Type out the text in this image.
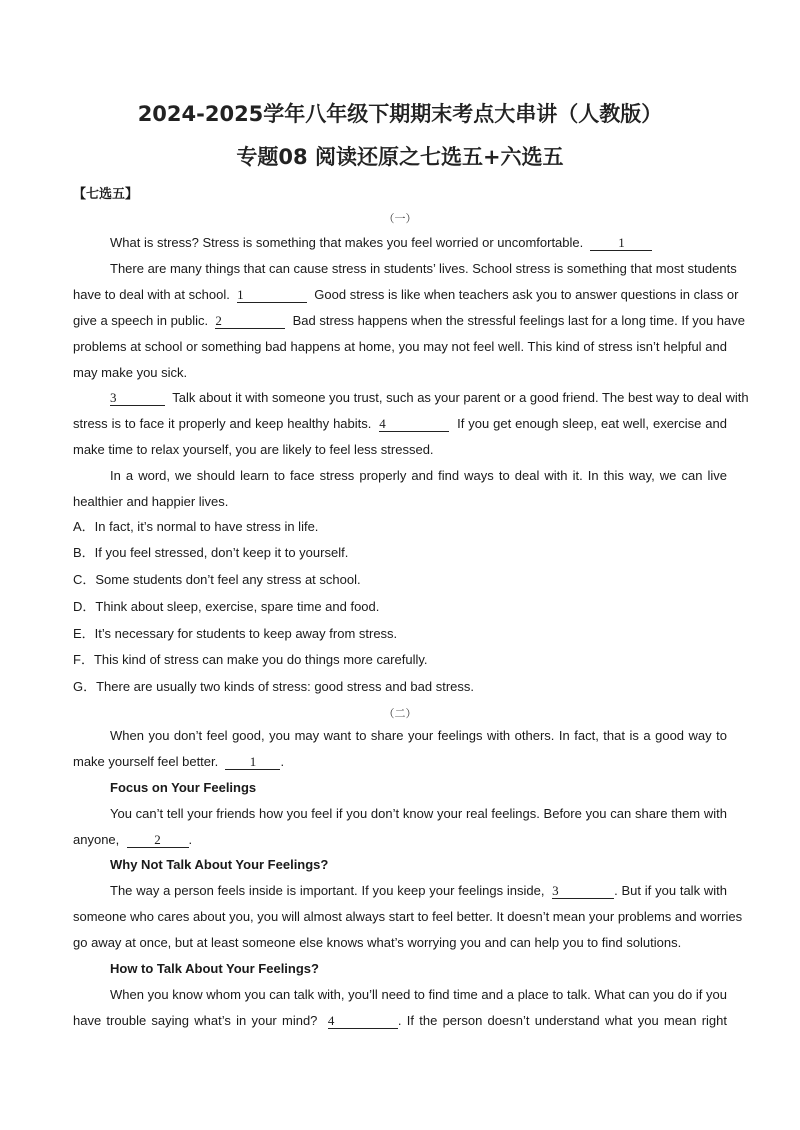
2024-2025学年八年级下期期末考点大串讲（人教版）
专题08 阅读还原之七选五+六选五
【七选五】
（一）
What is stress? Stress is something that makes you feel worried or uncomfortable.	1
There are many things that can cause stress in students’ lives. School stress is something that most students
have to deal with at school. 1	Good stress is like when teachers ask you to answer questions in class or
give a speech in public. 2	Bad stress happens when the stressful feelings last for a long time. If you have
problems at school or something bad happens at home, you may not feel well. This kind of stress isn’t helpful and
may make you sick.
3	Talk about it with someone you trust, such as your parent or a good friend. The best way to deal with
stress is to face it properly and keep healthy habits. 4	If you get enough sleep, eat well, exercise and
make time to relax yourself, you are likely to feel less stressed.
In a word, we should learn to face stress properly and find ways to deal with it. In this way, we can live
healthier and happier lives.
A．In fact, it’s normal to have stress in life.
B．If you feel stressed, don’t keep it to yourself.
C．Some students don’t feel any stress at school.
D．Think about sleep, exercise, spare time and food.
E．It’s necessary for students to keep away from stress.
F．This kind of stress can make you do things more carefully.
G．There are usually two kinds of stress: good stress and bad stress.
（二）
When you don’t feel good, you may want to share your feelings with others. In fact, that is a good way to
make yourself feel better. 1 .
Focus on Your Feelings
You can’t tell your friends how you feel if you don’t know your real feelings. Before you can share them with
anyone,	2 .
Why Not Talk About Your Feelings?
The way a person feels inside is important. If you keep your feelings inside, 3	. But if you talk with
someone who cares about you, you will almost always start to feel better. It doesn’t mean your problems and worries
go away at once, but at least someone else knows what’s worrying you and can help you to find solutions.
How to Talk About Your Feelings?
When you know whom you can talk with, you’ll need to find time and a place to talk. What can you do if you
have trouble saying what’s in your mind? 4	. If the person doesn’t understand what you mean right
